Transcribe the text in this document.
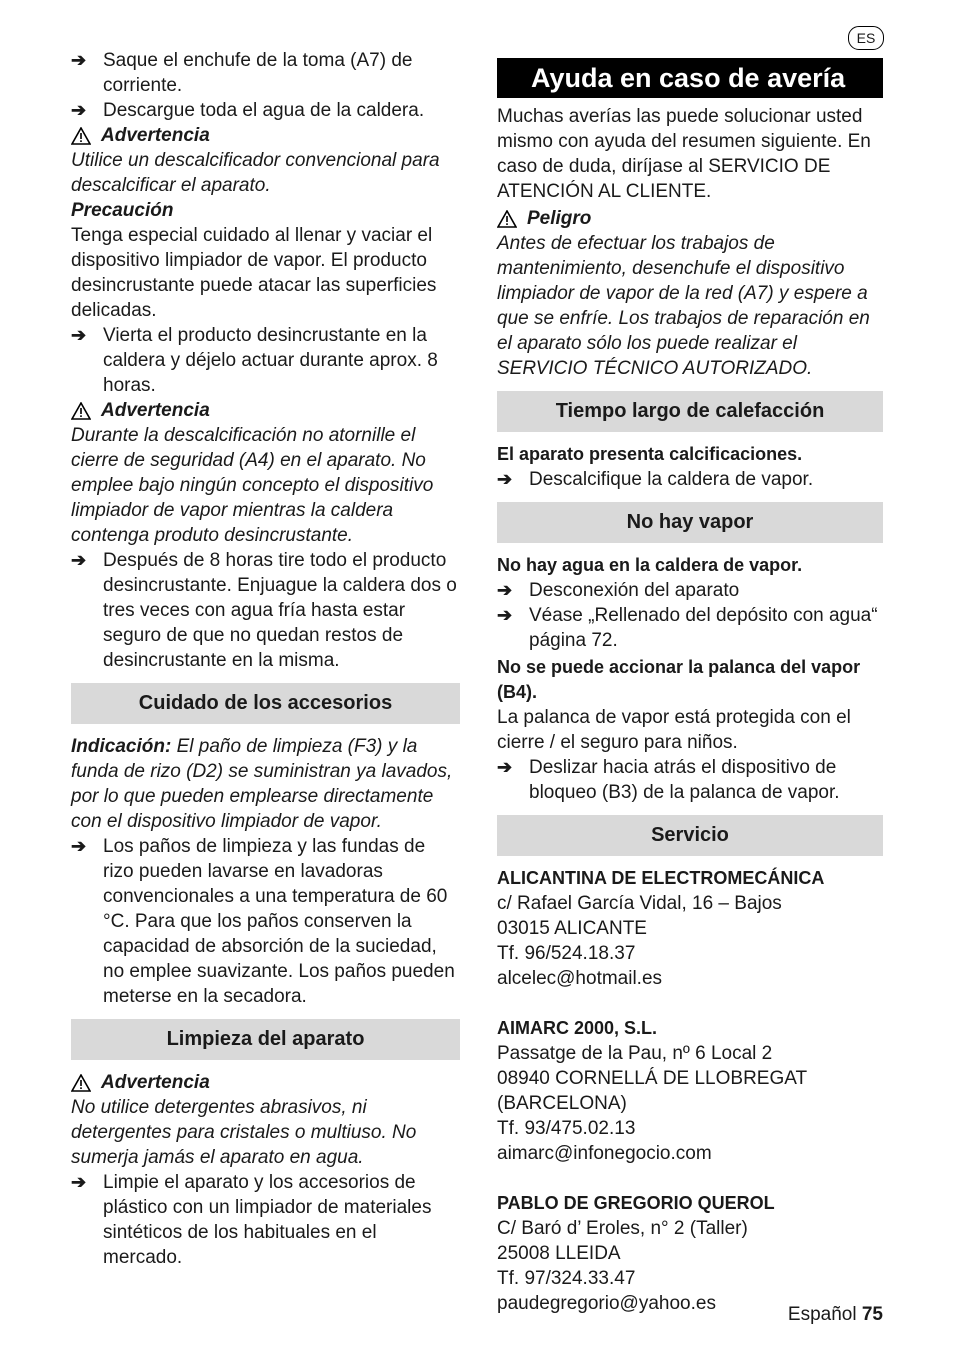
ES
➔ Saque el enchufe de la toma (A7) de corriente.
➔ Descargue toda el agua de la caldera.
Advertencia

Utilice un descalcificador convencional para descalcificar el aparato.

Precaución

Tenga especial cuidado al llenar y vaciar el dispositivo limpiador de vapor. El producto desincrustante puede atacar las superficies delicadas.

➔ Vierta el producto desincrustante en la caldera y déjelo actuar durante aprox. 8 horas.
Advertencia

Durante la descalcificación no atornille el cierre de seguridad (A4) en el aparato. No emplee bajo ningún concepto el dispositivo limpiador de vapor mientras la caldera contenga produto desincrustante.

➔ Después de 8 horas tire todo el producto desincrustante. Enjuague la caldera dos o tres veces con agua fría hasta estar seguro de que no quedan restos de desincrustante en la misma.
Cuidado de los accesorios

Indicación: El paño de limpieza (F3) y la funda de rizo (D2) se suministran ya lavados, por lo que pueden emplearse directamente con el dispositivo limpiador de vapor.

➔ Los paños de limpieza y las fundas de rizo pueden lavarse en lavadoras convencionales a una temperatura de 60 °C. Para que los paños conserven la capacidad de absorción de la suciedad, no emplee suavizante. Los paños pueden meterse en la secadora.
Limpieza del aparato
Advertencia

No utilice detergentes abrasivos, ni detergentes para cristales o multiuso. No sumerja jamás el aparato en agua.

➔ Limpie el aparato y los accesorios de plástico con un limpiador de materiales sintéticos de los habituales en el mercado.
Ayuda en caso de avería

Muchas averías las puede solucionar usted mismo con ayuda del resumen siguiente. En caso de duda, diríjase al SERVICIO DE ATENCIÓN AL CLIENTE.

Peligro

Antes de efectuar los trabajos de mantenimiento, desenchufe el dispositivo limpiador de vapor de la red (A7) y espere a que se enfríe. Los trabajos de reparación en el aparato sólo los puede realizar el SERVICIO TÉCNICO AUTORIZADO.

Tiempo largo de calefacción

El aparato presenta calcificaciones.

➔ Descalcifique la caldera de vapor.
No hay vapor

No hay agua en la caldera de vapor.

➔ Desconexión del aparato
➔ Véase „Rellenado del depósito con agua“ página 72.

No se puede accionar la palanca del vapor (B4).

La palanca de vapor está protegida con el cierre / el seguro para niños.

➔ Deslizar hacia atrás el dispositivo de bloqueo (B3) de la palanca de vapor.
Servicio

ALICANTINA DE ELECTROMECÁNICA

c/ Rafael García Vidal, 16 – Bajos

03015 ALICANTE

Tf. 96/524.18.37

alcelec@hotmail.es

AIMARC 2000, S.L.

Passatge de la Pau, nº 6 Local 2

08940 CORNELLÁ DE LLOBREGAT

(BARCELONA)

Tf. 93/475.02.13

aimarc@infonegocio.com

PABLO DE GREGORIO QUEROL

C/ Baró d’ Eroles, n° 2 (Taller)

25008 LLEIDA

Tf. 97/324.33.47

paudegregorio@yahoo.es

Español 75
